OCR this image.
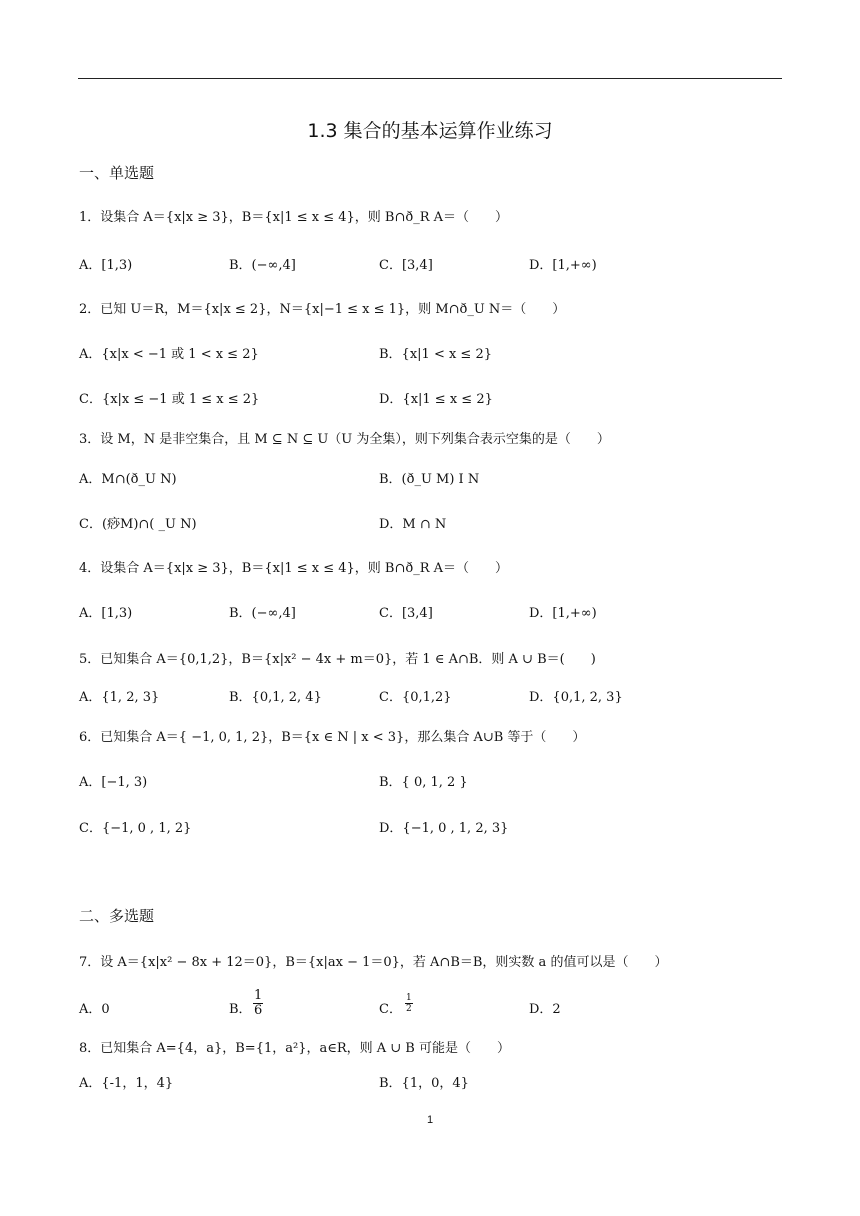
1.3 集合的基本运算作业练习
一、单选题
1．设集合 A＝{x|x ≥ 3}，B＝{x|1 ≤ x ≤ 4}，则 B∩ð_R A＝（　　）
A．[1,3)	B．(−∞,4]	C．[3,4]	D．[1,+∞)
2．已知 U＝R，M＝{x|x ≤ 2}，N＝{x|−1 ≤ x ≤ 1}，则 M∩ð_U N＝（　　）
A．{x|x < −1 或 1 < x ≤ 2}	B．{x|1 < x ≤ 2}
C．{x|x ≤ −1 或 1 ≤ x ≤ 2}	D．{x|1 ≤ x ≤ 2}
3．设 M，N 是非空集合，且 M ⊆ N ⊆ U（U 为全集），则下列集合表示空集的是（　　）
A．M∩(ð_U N)	B．(ð_U M) I N
C．(痧M)∩( _U N)	D．M ∩ N
4．设集合 A＝{x|x ≥ 3}，B＝{x|1 ≤ x ≤ 4}，则 B∩ð_R A＝（　　）
A．[1,3)	B．(−∞,4]	C．[3,4]	D．[1,+∞)
5．已知集合 A＝{0,1,2}，B＝{x|x² − 4x + m＝0}，若 1 ∈ A∩B．则 A ∪ B＝(　　)
A．{1, 2, 3}	B．{0,1, 2, 4}	C．{0,1,2}	D．{0,1, 2, 3}
6．已知集合 A＝{ −1, 0, 1, 2}，B＝{x ∈ N | x < 3}，那么集合 A∪B 等于（　　）
A．[−1, 3)	B．{ 0, 1, 2 }
C．{−1, 0 , 1, 2}	D．{−1, 0 , 1, 2, 3}
二、多选题
7．设 A＝{x|x² − 8x + 12＝0}，B＝{x|ax − 1＝0}，若 A∩B＝B，则实数 a 的值可以是（　　）
A．0	B． $\frac{1}{6}$	C． $\frac{1}{2}$	D．2
8．已知集合 A={4，a}，B={1，a²}，a∈R，则 A ∪ B 可能是（　　）
A．{-1，1，4}	B．{1，0，4}
1
